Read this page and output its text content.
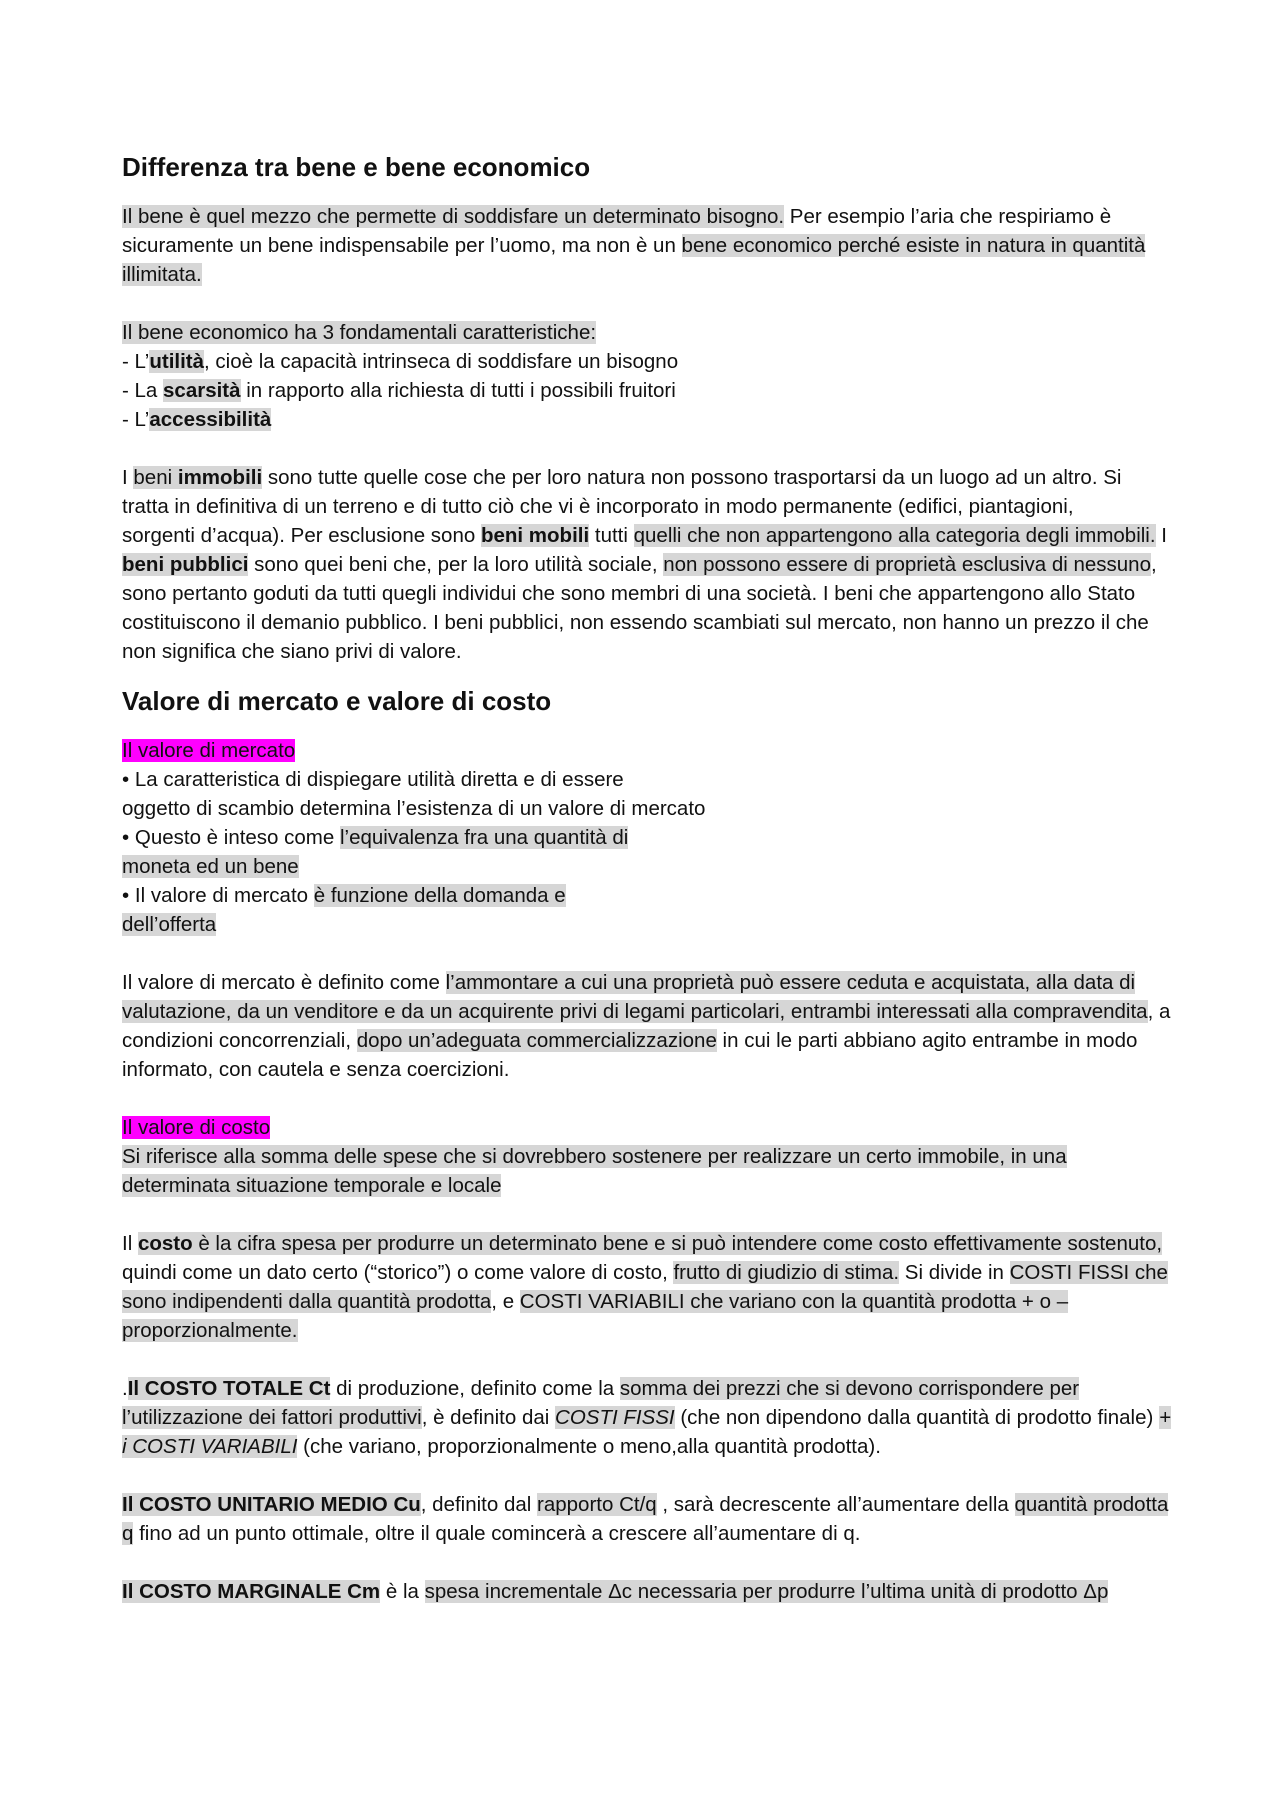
Differenza tra bene e bene economico

Il bene è quel mezzo che permette di soddisfare un determinato bisogno. Per esempio l’aria che respiriamo è sicuramente un bene indispensabile per l’uomo, ma non è un bene economico perché esiste in natura in quantità illimitata.

Il bene economico ha 3 fondamentali caratteristiche:

- L’utilità, cioè la capacità intrinseca di soddisfare un bisogno

- La scarsità in rapporto alla richiesta di tutti i possibili fruitori

- L’accessibilità

I beni immobili sono tutte quelle cose che per loro natura non possono trasportarsi da un luogo ad un altro. Si tratta in definitiva di un terreno e di tutto ciò che vi è incorporato in modo permanente (edifici, piantagioni,

sorgenti d’acqua). Per esclusione sono beni mobili tutti quelli che non appartengono alla categoria degli immobili. I beni pubblici sono quei beni che, per la loro utilità sociale, non possono essere di proprietà esclusiva di nessuno, sono pertanto goduti da tutti quegli individui che sono membri di una società. I beni che appartengono allo Stato costituiscono il demanio pubblico. I beni pubblici, non essendo scambiati sul mercato, non hanno un prezzo il che non significa che siano privi di valore.

Valore di mercato e valore di costo

Il valore di mercato

• La caratteristica di dispiegare utilità diretta e di essere

oggetto di scambio determina l’esistenza di un valore di mercato

• Questo è inteso come l’equivalenza fra una quantità di

moneta ed un bene

• Il valore di mercato è funzione della domanda e

dell’offerta

Il valore di mercato è definito come l’ammontare a cui una proprietà può essere ceduta e acquistata, alla data di valutazione, da un venditore e da un acquirente privi di legami particolari, entrambi interessati alla compravendita, a condizioni concorrenziali, dopo un’adeguata commercializzazione in cui le parti abbiano agito entrambe in modo informato, con cautela e senza coercizioni.

Il valore di costo

Si riferisce alla somma delle spese che si dovrebbero sostenere per realizzare un certo immobile, in una determinata situazione temporale e locale

Il costo è la cifra spesa per produrre un determinato bene e si può intendere come costo effettivamente sostenuto, quindi come un dato certo (“storico”) o come valore di costo, frutto di giudizio di stima. Si divide in COSTI FISSI che sono indipendenti dalla quantità prodotta, e COSTI VARIABILI che variano con la quantità prodotta + o – proporzionalmente.

.Il COSTO TOTALE Ct di produzione, definito come la somma dei prezzi che si devono corrispondere per l’utilizzazione dei fattori produttivi, è definito dai COSTI FISSI (che non dipendono dalla quantità di prodotto finale) + i COSTI VARIABILI (che variano, proporzionalmente o meno,alla quantità prodotta).

Il COSTO UNITARIO MEDIO Cu, definito dal rapporto Ct/q , sarà decrescente all’aumentare della quantità prodotta q fino ad un punto ottimale, oltre il quale comincerà a crescere all’aumentare di q.

Il COSTO MARGINALE Cm è la spesa incrementale Δc necessaria per produrre l’ultima unità di prodotto Δp
